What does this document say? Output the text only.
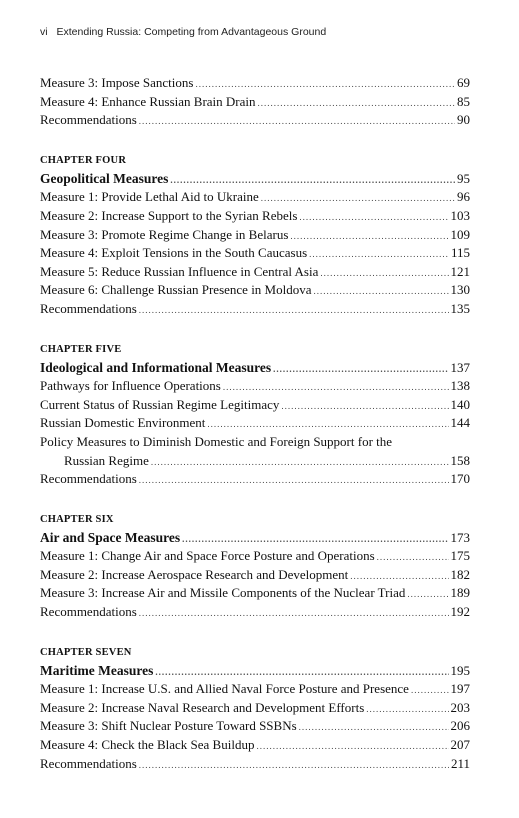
vi Extending Russia: Competing from Advantageous Ground
Measure 3: Impose Sanctions .....	69
Measure 4: Enhance Russian Brain Drain .....	85
Recommendations .....	90
CHAPTER FOUR
Geopolitical Measures .....	95
Measure 1: Provide Lethal Aid to Ukraine .....	96
Measure 2: Increase Support to the Syrian Rebels .....	103
Measure 3: Promote Regime Change in Belarus .....	109
Measure 4: Exploit Tensions in the South Caucasus .....	115
Measure 5: Reduce Russian Influence in Central Asia .....	121
Measure 6: Challenge Russian Presence in Moldova .....	130
Recommendations .....	135
CHAPTER FIVE
Ideological and Informational Measures .....	137
Pathways for Influence Operations .....	138
Current Status of Russian Regime Legitimacy .....	140
Russian Domestic Environment .....	144
Policy Measures to Diminish Domestic and Foreign Support for the
Russian Regime .....	158
Recommendations .....	170
CHAPTER SIX
Air and Space Measures .....	173
Measure 1: Change Air and Space Force Posture and Operations .....	175
Measure 2: Increase Aerospace Research and Development .....	182
Measure 3: Increase Air and Missile Components of the Nuclear Triad .....	189
Recommendations .....	192
CHAPTER SEVEN
Maritime Measures .....	195
Measure 1: Increase U.S. and Allied Naval Force Posture and Presence .....	197
Measure 2: Increase Naval Research and Development Efforts .....	203
Measure 3: Shift Nuclear Posture Toward SSBNs .....	206
Measure 4: Check the Black Sea Buildup .....	207
Recommendations .....	211
